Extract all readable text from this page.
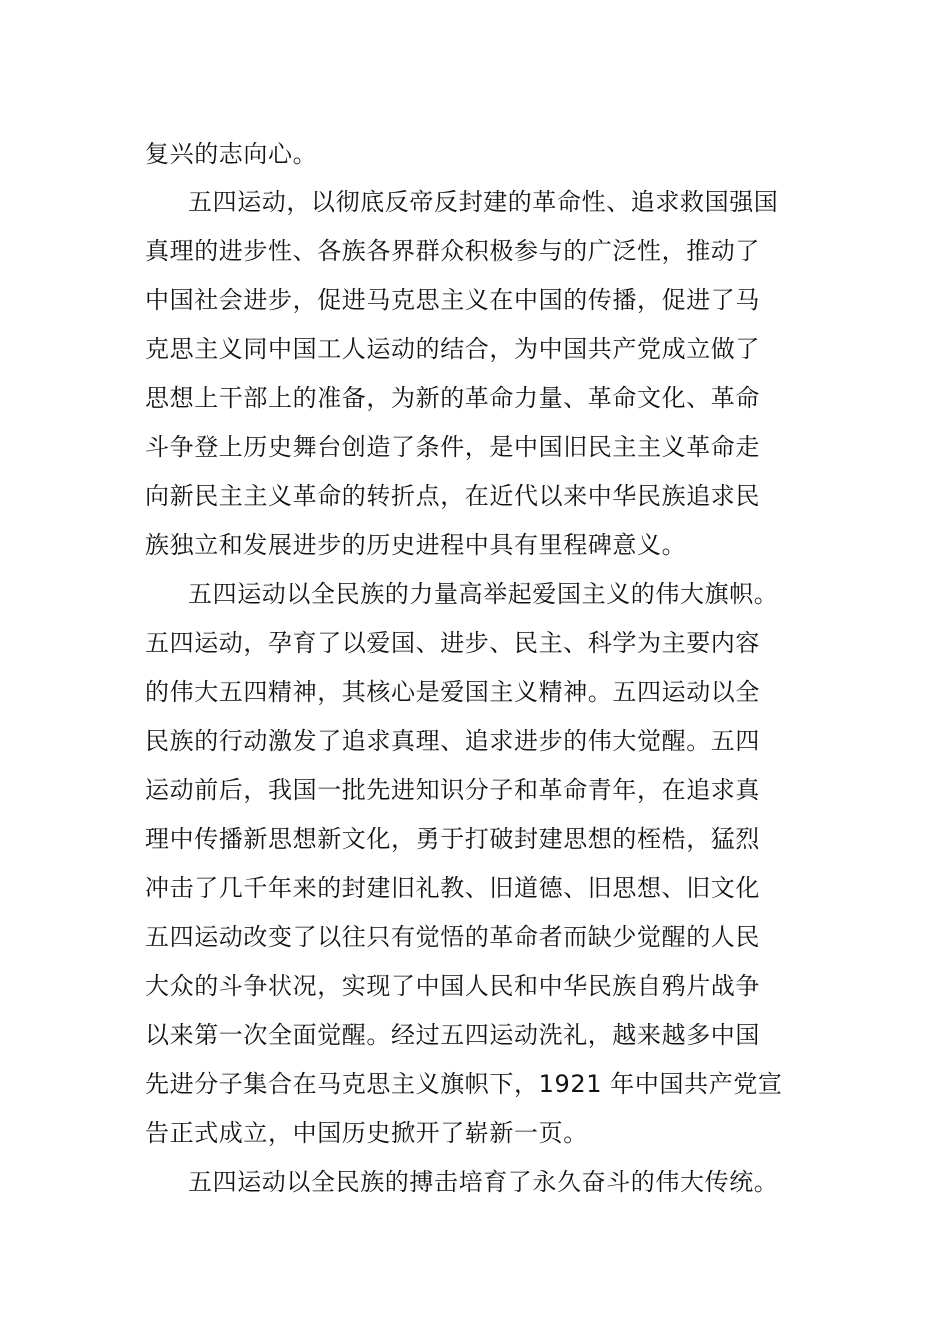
复兴的志向心。
五四运动，以彻底反帝反封建的革命性、追求救国强国
真理的进步性、各族各界群众积极参与的广泛性，推动了
中国社会进步，促进马克思主义在中国的传播，促进了马
克思主义同中国工人运动的结合，为中国共产党成立做了
思想上干部上的准备，为新的革命力量、革命文化、革命
斗争登上历史舞台创造了条件，是中国旧民主主义革命走
向新民主主义革命的转折点，在近代以来中华民族追求民
族独立和发展进步的历史进程中具有里程碑意义。
五四运动以全民族的力量高举起爱国主义的伟大旗帜。
五四运动，孕育了以爱国、进步、民主、科学为主要内容
的伟大五四精神，其核心是爱国主义精神。五四运动以全
民族的行动激发了追求真理、追求进步的伟大觉醒。五四
运动前后，我国一批先进知识分子和革命青年，在追求真
理中传播新思想新文化，勇于打破封建思想的桎梏，猛烈
冲击了几千年来的封建旧礼教、旧道德、旧思想、旧文化
五四运动改变了以往只有觉悟的革命者而缺少觉醒的人民
大众的斗争状况，实现了中国人民和中华民族自鸦片战争
以来第一次全面觉醒。经过五四运动洗礼，越来越多中国
先进分子集合在马克思主义旗帜下，1921 年中国共产党宣
告正式成立，中国历史掀开了崭新一页。
五四运动以全民族的搏击培育了永久奋斗的伟大传统。
